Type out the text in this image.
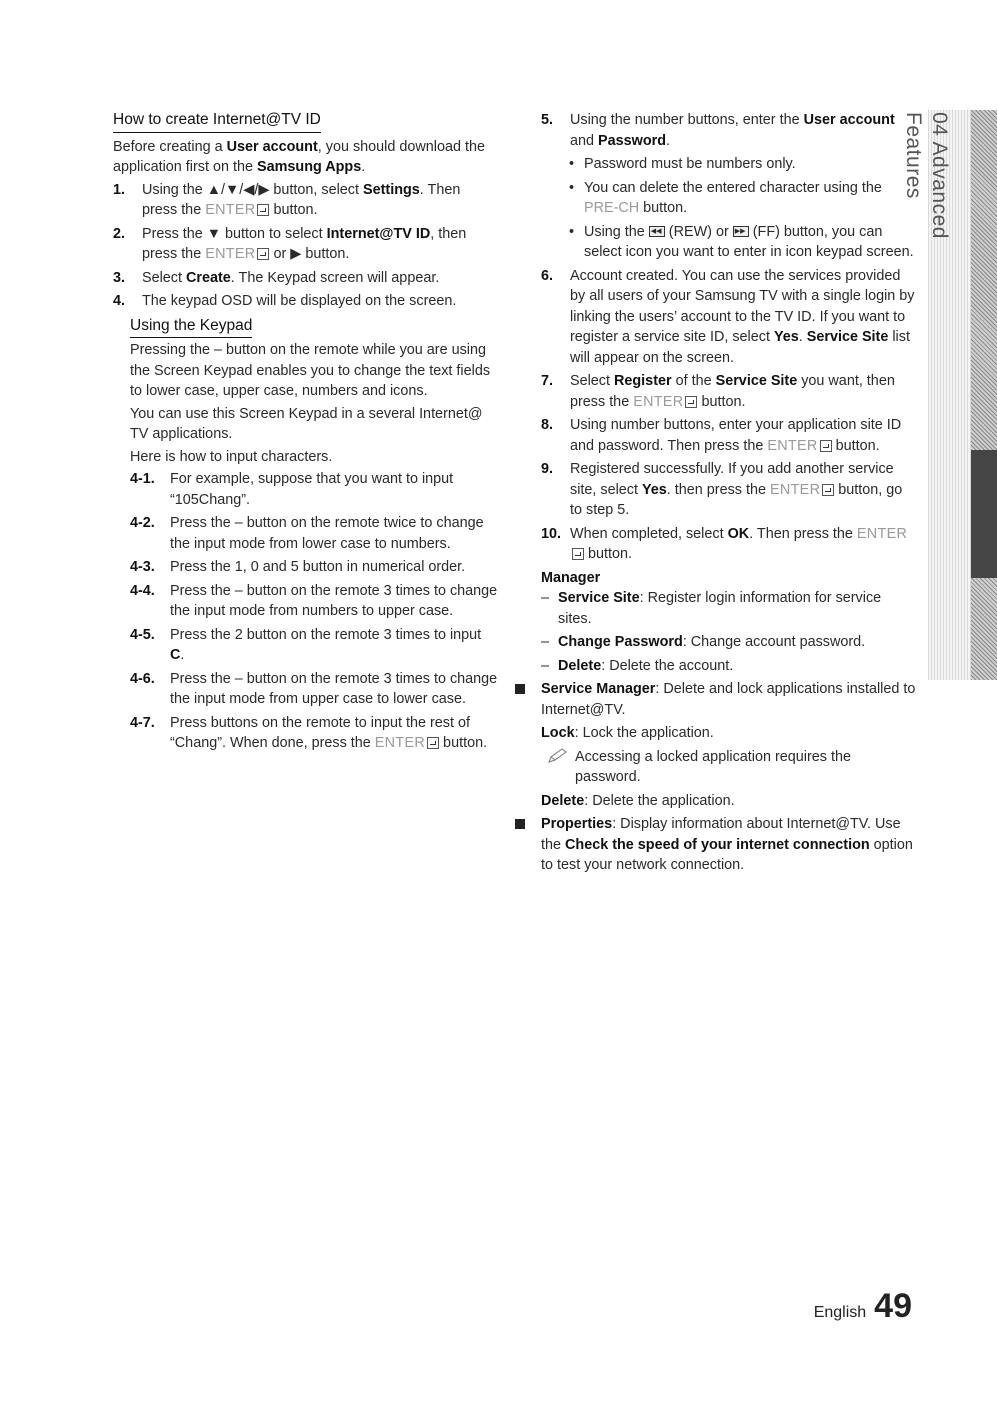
How to create Internet@TV ID

Before creating a User account, you should download the application first on the Samsung Apps.

1.	Using the ▲/▼/◀/▶ button, select Settings. Then press the ENTER button.
2.	Press the ▼ button to select Internet@TV ID, then press the ENTER or ▶ button.
3.	Select Create. The Keypad screen will appear.
4.	The keypad OSD will be displayed on the screen.
Using the Keypad

Pressing the – button on the remote while you are using the Screen Keypad enables you to change the text fields to lower case, upper case, numbers and icons.

You can use this Screen Keypad in a several Internet@ TV applications.

Here is how to input characters.

4-1.	For example, suppose that you want to input “105Chang”.
4-2.	Press the – button on the remote twice to change the input mode from lower case to numbers.
4-3.	Press the 1, 0 and 5 button in numerical order.
4-4.	Press the – button on the remote 3 times to change the input mode from numbers to upper case.
4-5.	Press the 2 button on the remote 3 times to input C.
4-6.	Press the – button on the remote 3 times to change the input mode from upper case to lower case.
4-7.	Press buttons on the remote to input the rest of “Chang”. When done, press the ENTER button.
5.	Using the number buttons, enter the User account and Password.
• Password must be numbers only.
• You can delete the entered character using the PRE-CH button.
• Using the ◀◀ (REW) or ▶▶ (FF) button, you can select icon you want to enter in icon keypad screen.
6.	Account created. You can use the services provided by all users of your Samsung TV with a single login by linking the users’ account to the TV ID. If you want to register a service site ID, select Yes. Service Site list will appear on the screen.
7.	Select Register of the Service Site you want, then press the ENTER button.
8.	Using number buttons, enter your application site ID and password. Then press the ENTER button.
9.	Registered successfully. If you add another service site, select Yes. then press the ENTER button, go to step 5.
10. When completed, select OK. Then press the ENTER button.

Manager

– Service Site: Register login information for service sites.
– Change Password: Change account password.
– Delete: Delete the account.
Service Manager: Delete and lock applications installed to Internet@TV.

Lock: Lock the application.

Accessing a locked application requires the password.

Delete: Delete the application.

Properties: Display information about Internet@TV. Use the Check the speed of your internet connection option to test your network connection.
04 Advanced Features
English 49
